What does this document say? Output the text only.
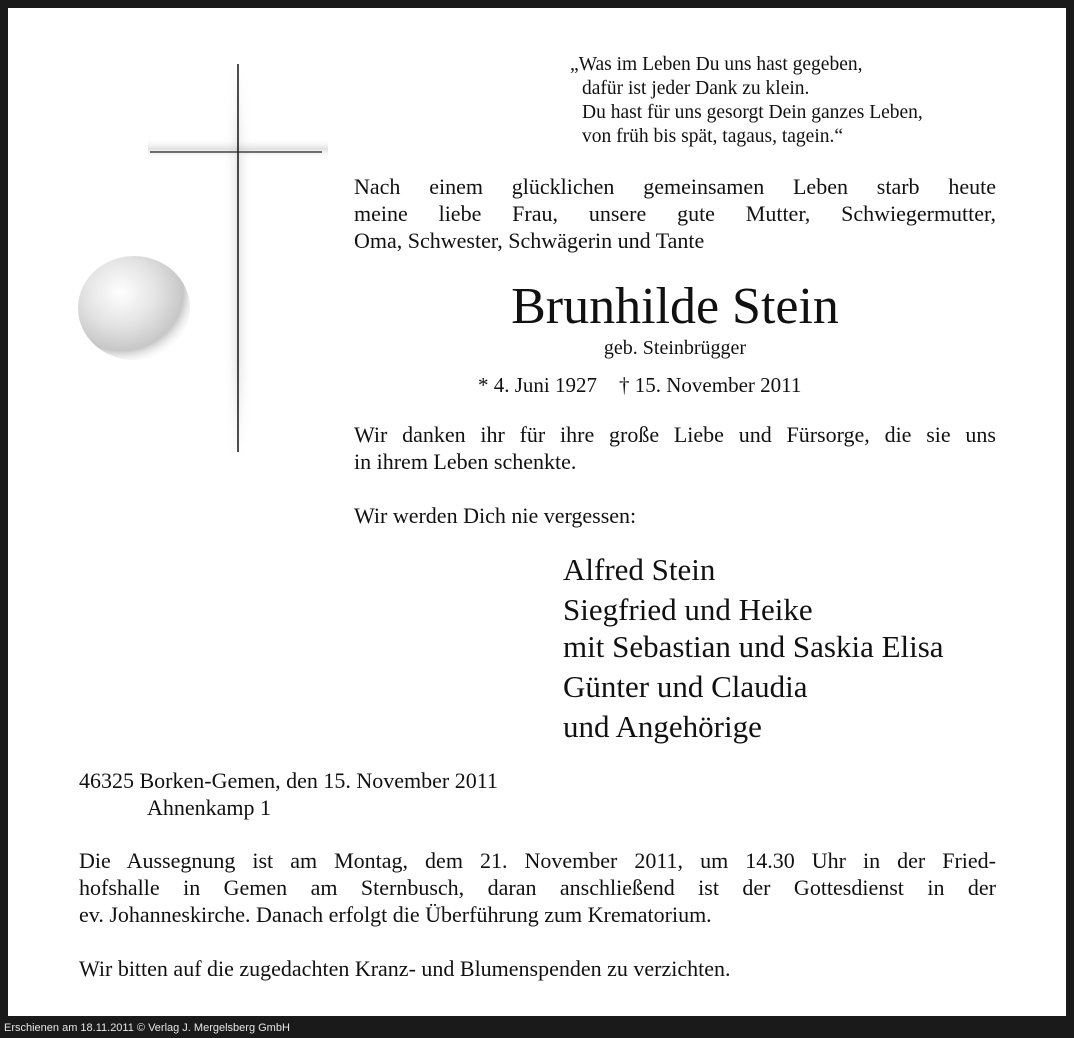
„Was im Leben Du uns hast gegeben,
dafür ist jeder Dank zu klein.
Du hast für uns gesorgt Dein ganzes Leben,
von früh bis spät, tagaus, tagein.“
Nach einem glücklichen gemeinsamen Leben starb heute
meine liebe Frau, unsere gute Mutter, Schwiegermutter,
Oma, Schwester, Schwägerin und Tante
Brunhilde Stein
geb. Steinbrügger
* 4. Juni 1927 † 15. November 2011
Wir danken ihr für ihre große Liebe und Fürsorge, die sie uns
in ihrem Leben schenkte.
Wir werden Dich nie vergessen:
Alfred Stein
Siegfried und Heike
mit Sebastian und Saskia Elisa
Günter und Claudia
und Angehörige
46325 Borken-Gemen, den 15. November 2011
Ahnenkamp 1
Die Aussegnung ist am Montag, dem 21. November 2011, um 14.30 Uhr in der Fried-
hofshalle in Gemen am Sternbusch, daran anschließend ist der Gottesdienst in der
ev. Johanneskirche. Danach erfolgt die Überführung zum Krematorium.
Wir bitten auf die zugedachten Kranz- und Blumenspenden zu verzichten.
Erschienen am 18.11.2011 © Verlag J. Mergelsberg GmbH
